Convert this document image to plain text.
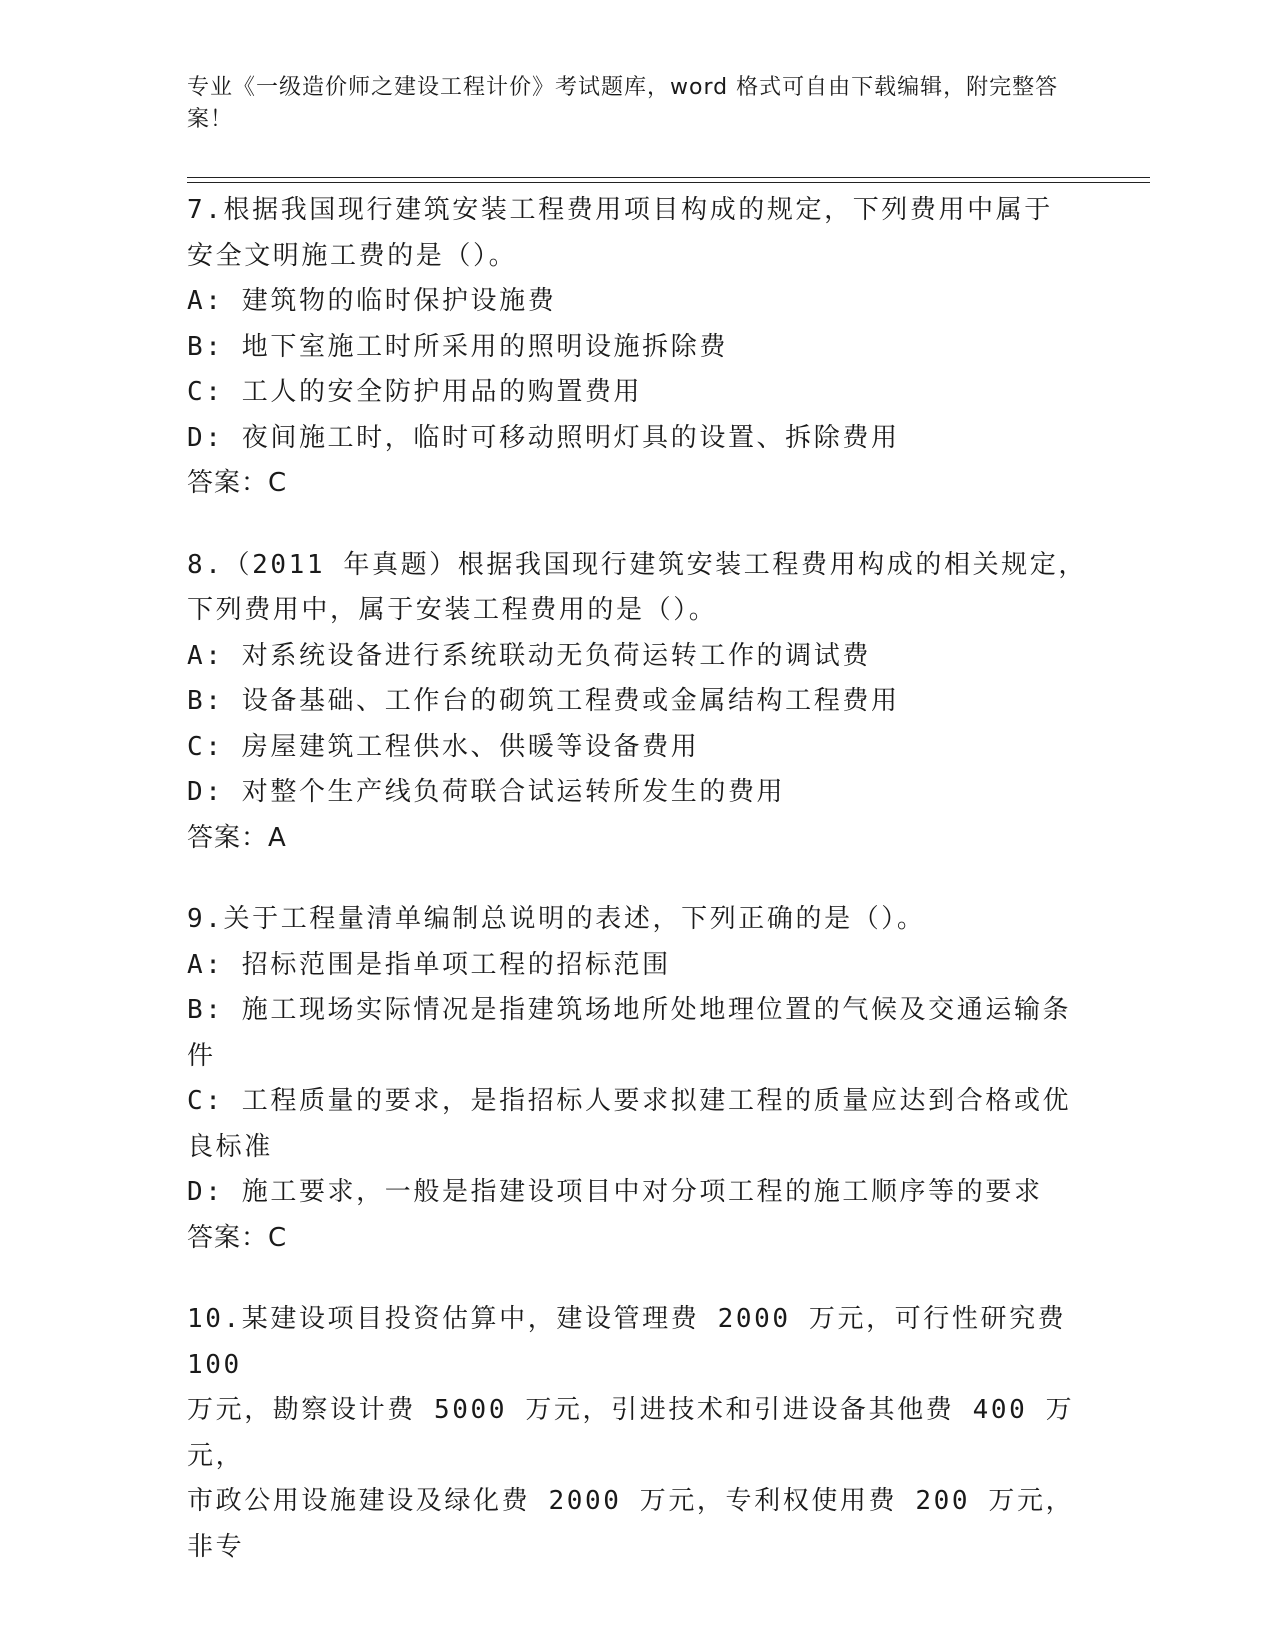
专业《一级造价师之建设工程计价》考试题库，word 格式可自由下载编辑，附完整答案！
7.根据我国现行建筑安装工程费用项目构成的规定，下列费用中属于
安全文明施工费的是（）。
A: 建筑物的临时保护设施费
B: 地下室施工时所采用的照明设施拆除费
C: 工人的安全防护用品的购置费用
D: 夜间施工时，临时可移动照明灯具的设置、拆除费用
答案：C
8.（2011 年真题）根据我国现行建筑安装工程费用构成的相关规定，
下列费用中，属于安装工程费用的是（）。
A: 对系统设备进行系统联动无负荷运转工作的调试费
B: 设备基础、工作台的砌筑工程费或金属结构工程费用
C: 房屋建筑工程供水、供暖等设备费用
D: 对整个生产线负荷联合试运转所发生的费用
答案：A
9.关于工程量清单编制总说明的表述，下列正确的是（）。
A: 招标范围是指单项工程的招标范围
B: 施工现场实际情况是指建筑场地所处地理位置的气候及交通运输条
件
C: 工程质量的要求，是指招标人要求拟建工程的质量应达到合格或优
良标准
D: 施工要求，一般是指建设项目中对分项工程的施工顺序等的要求
答案：C
10.某建设项目投资估算中，建设管理费 2000 万元，可行性研究费 100
万元，勘察设计费 5000 万元，引进技术和引进设备其他费 400 万元，
市政公用设施建设及绿化费 2000 万元，专利权使用费 200 万元，非专
